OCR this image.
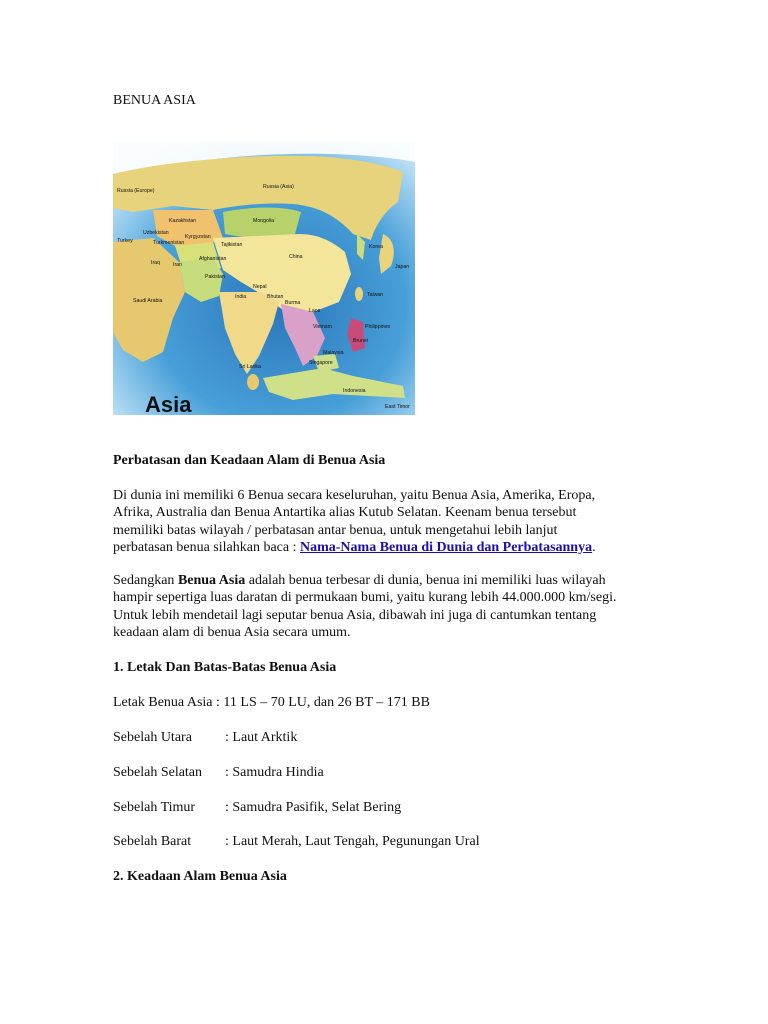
BENUA ASIA
Russia (Europe)
Russia (Asia)
Kazakhstan	Mongolia
Kyrgyzstan
Tajikistan
Uzbekistan
Turkmenistan
Turkey
Afghanistan
Iran
Iraq
Pakistan
China
Korea
Japan
Nepal
Bhutan
India
Saudi Arabia	Burma
Laos
Taiwan
Vietnam	Philippines
Sri Lanka
Singapore
Malaysia
Brunei
Indonesia
East Timor
Asia
Perbatasan dan Keadaan Alam di Benua Asia
Di dunia ini memiliki 6 Benua secara keseluruhan, yaitu Benua Asia, Amerika, Eropa,
Afrika, Australia dan Benua Antartika alias Kutub Selatan. Keenam benua tersebut
memiliki batas wilayah / perbatasan antar benua, untuk mengetahui lebih lanjut
perbatasan benua silahkan baca : Nama-Nama Benua di Dunia dan Perbatasannya.
Sedangkan Benua Asia adalah benua terbesar di dunia, benua ini memiliki luas wilayah
hampir sepertiga luas daratan di permukaan bumi, yaitu kurang lebih 44.000.000 km/segi.
Untuk lebih mendetail lagi seputar benua Asia, dibawah ini juga di cantumkan tentang
keadaan alam di benua Asia secara umum.
1. Letak Dan Batas-Batas Benua Asia
Letak Benua Asia : 11 LS – 70 LU, dan 26 BT – 171 BB
Sebelah Utara : Laut Arktik
Sebelah Selatan : Samudra Hindia
Sebelah Timur : Samudra Pasifik, Selat Bering
Sebelah Barat : Laut Merah, Laut Tengah, Pegunungan Ural
2. Keadaan Alam Benua Asia
